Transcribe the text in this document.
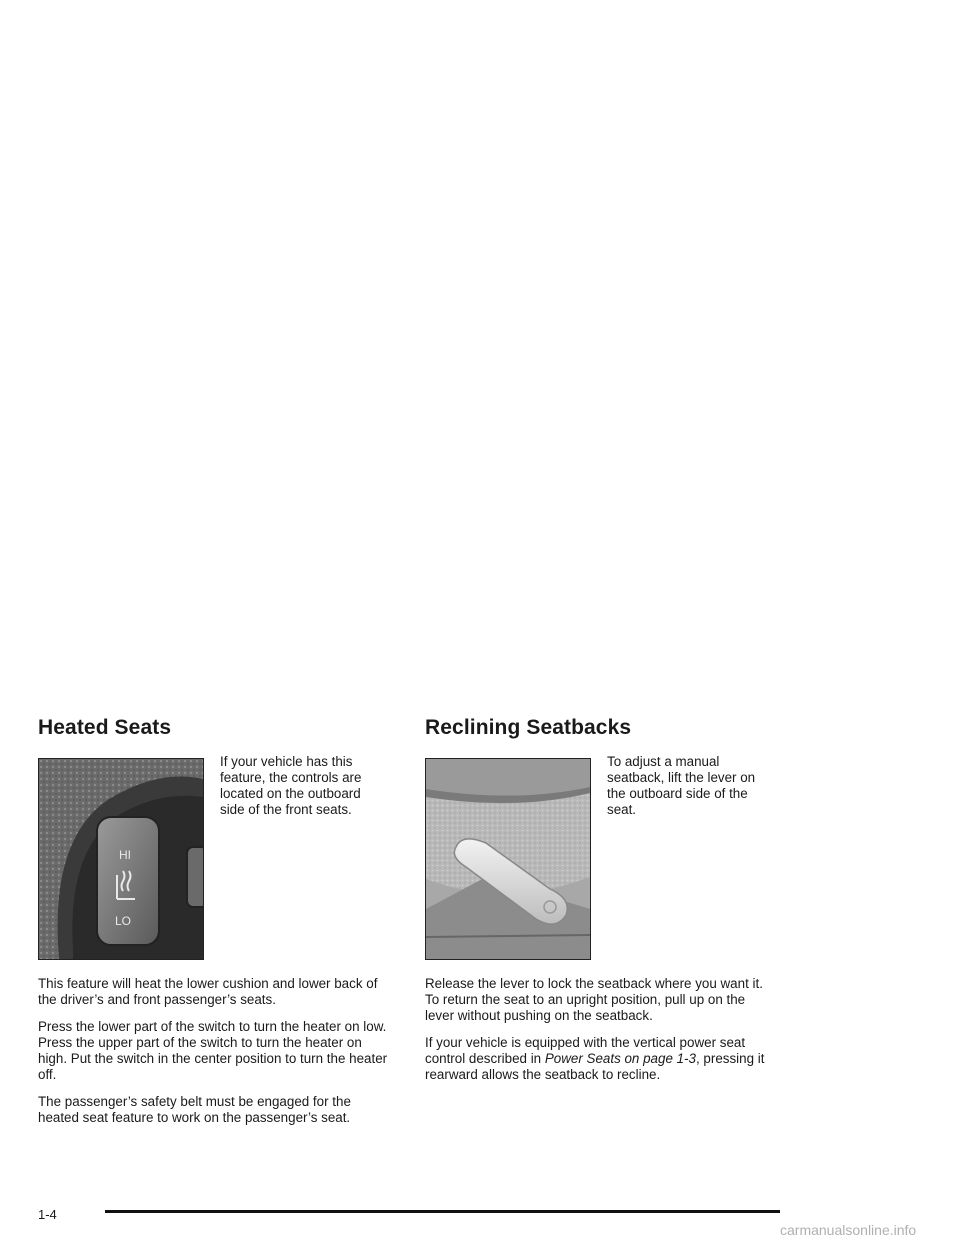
Heated Seats
HI
LO
If your vehicle has this feature, the controls are located on the outboard side of the front seats.

This feature will heat the lower cushion and lower back of the driver’s and front passenger’s seats.

Press the lower part of the switch to turn the heater on low. Press the upper part of the switch to turn the heater on high. Put the switch in the center position to turn the heater off.

The passenger’s safety belt must be engaged for the heated seat feature to work on the passenger’s seat.

Reclining Seatbacks
To adjust a manual seatback, lift the lever on the outboard side of the seat.

Release the lever to lock the seatback where you want it. To return the seat to an upright position, pull up on the lever without pushing on the seatback.

If your vehicle is equipped with the vertical power seat control described in Power Seats on page 1-3, pressing it rearward allows the seatback to recline.

1-4
carmanualsonline.info
